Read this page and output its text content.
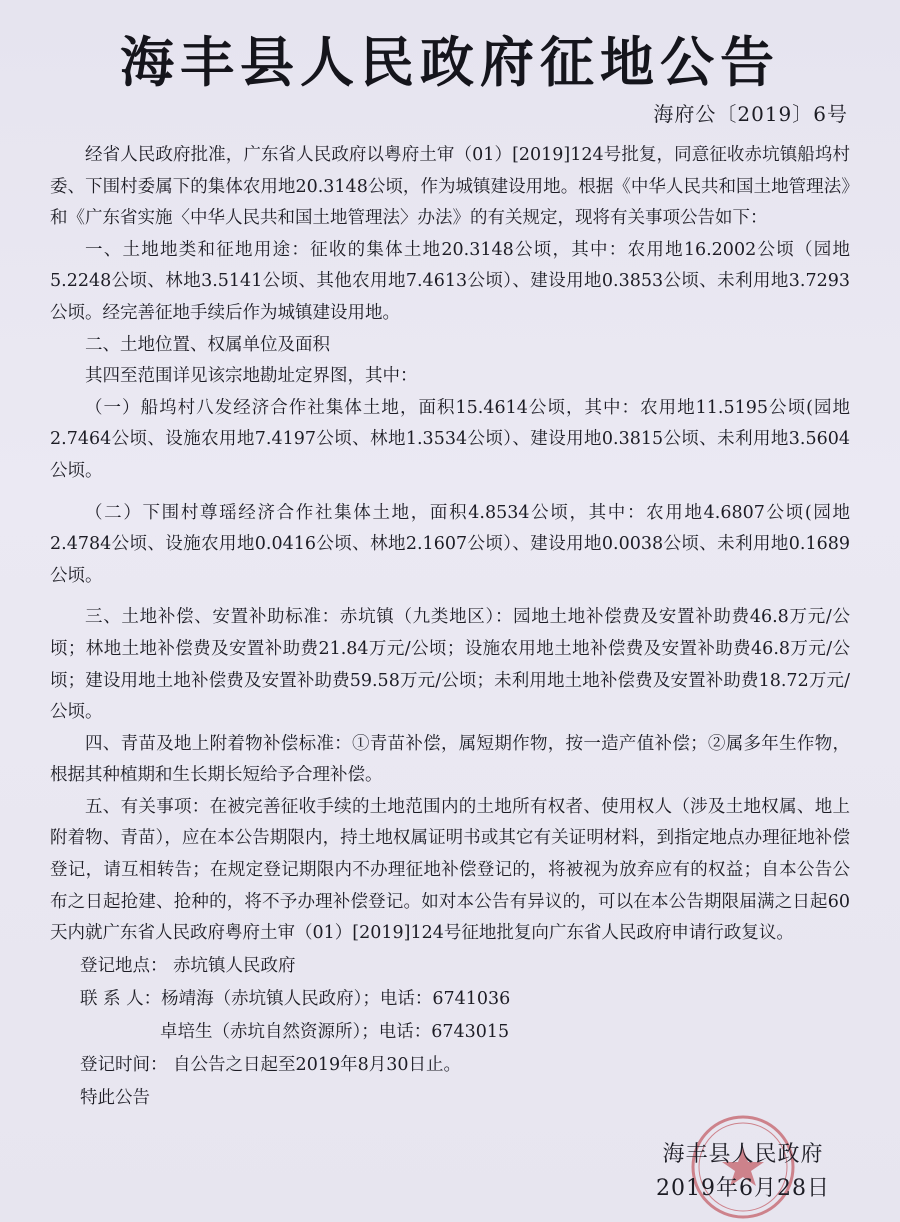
海丰县人民政府征地公告
海府公〔2019〕6号

经省人民政府批准，广东省人民政府以粤府土审（01）[2019]124号批复，同意征收赤坑镇船坞村委、下围村委属下的集体农用地20.3148公顷，作为城镇建设用地。根据《中华人民共和国土地管理法》和《广东省实施〈中华人民共和国土地管理法〉办法》的有关规定，现将有关事项公告如下：

一、土地地类和征地用途：征收的集体土地20.3148公顷，其中：农用地16.2002公顷（园地5.2248公顷、林地3.5141公顷、其他农用地7.4613公顷）、建设用地0.3853公顷、未利用地3.7293公顷。经完善征地手续后作为城镇建设用地。

二、土地位置、权属单位及面积

其四至范围详见该宗地勘址定界图，其中：

（一）船坞村八发经济合作社集体土地，面积15.4614公顷，其中：农用地11.5195公顷(园地2.7464公顷、设施农用地7.4197公顷、林地1.3534公顷）、建设用地0.3815公顷、未利用地3.5604公顷。

（二）下围村尊瑶经济合作社集体土地，面积4.8534公顷，其中：农用地4.6807公顷(园地2.4784公顷、设施农用地0.0416公顷、林地2.1607公顷）、建设用地0.0038公顷、未利用地0.1689公顷。

三、土地补偿、安置补助标准：赤坑镇（九类地区）：园地土地补偿费及安置补助费46.8万元/公顷；林地土地补偿费及安置补助费21.84万元/公顷；设施农用地土地补偿费及安置补助费46.8万元/公顷；建设用地土地补偿费及安置补助费59.58万元/公顷；未利用地土地补偿费及安置补助费18.72万元/公顷。

四、青苗及地上附着物补偿标准：①青苗补偿，属短期作物，按一造产值补偿；②属多年生作物，根据其种植期和生长期长短给予合理补偿。

五、有关事项：在被完善征收手续的土地范围内的土地所有权者、使用权人（涉及土地权属、地上附着物、青苗），应在本公告期限内，持土地权属证明书或其它有关证明材料，到指定地点办理征地补偿登记，请互相转告；在规定登记期限内不办理征地补偿登记的，将被视为放弃应有的权益；自本公告公布之日起抢建、抢种的，将不予办理补偿登记。如对本公告有异议的，可以在本公告期限届满之日起60天内就广东省人民政府粤府土审（01）[2019]124号征地批复向广东省人民政府申请行政复议。

登记地点： 赤坑镇人民政府
联 系 人：杨靖海（赤坑镇人民政府）；电话：6741036
卓培生（赤坑自然资源所）；电话：6743015
登记时间： 自公告之日起至2019年8月30日止。
特此公告
海丰县人民政府
2019年6月28日
